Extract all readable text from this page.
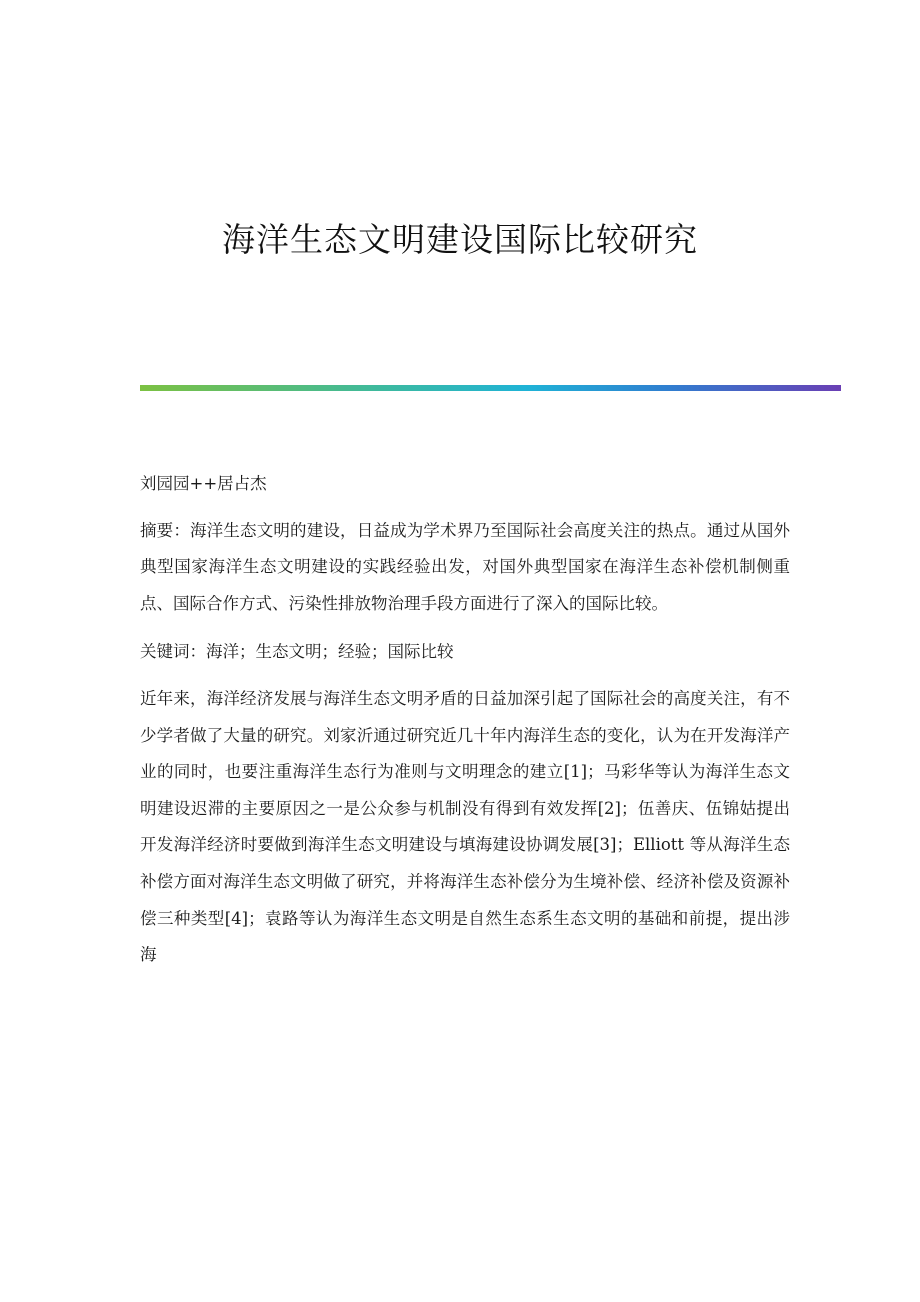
海洋生态文明建设国际比较研究

刘园园++居占杰

摘要：海洋生态文明的建设，日益成为学术界乃至国际社会高度关注的热点。通过从国外典型国家海洋生态文明建设的实践经验出发，对国外典型国家在海洋生态补偿机制侧重点、国际合作方式、污染性排放物治理手段方面进行了深入的国际比较。

关键词：海洋；生态文明；经验；国际比较

近年来，海洋经济发展与海洋生态文明矛盾的日益加深引起了国际社会的高度关注，有不少学者做了大量的研究。刘家沂通过研究近几十年内海洋生态的变化，认为在开发海洋产业的同时，也要注重海洋生态行为准则与文明理念的建立[1]；马彩华等认为海洋生态文明建设迟滞的主要原因之一是公众参与机制没有得到有效发挥[2]；伍善庆、伍锦姑提出开发海洋经济时要做到海洋生态文明建设与填海建设协调发展[3]；Elliott 等从海洋生态补偿方面对海洋生态文明做了研究，并将海洋生态补偿分为生境补偿、经济补偿及资源补偿三种类型[4]；袁路等认为海洋生态文明是自然生态系生态文明的基础和前提，提出涉海
